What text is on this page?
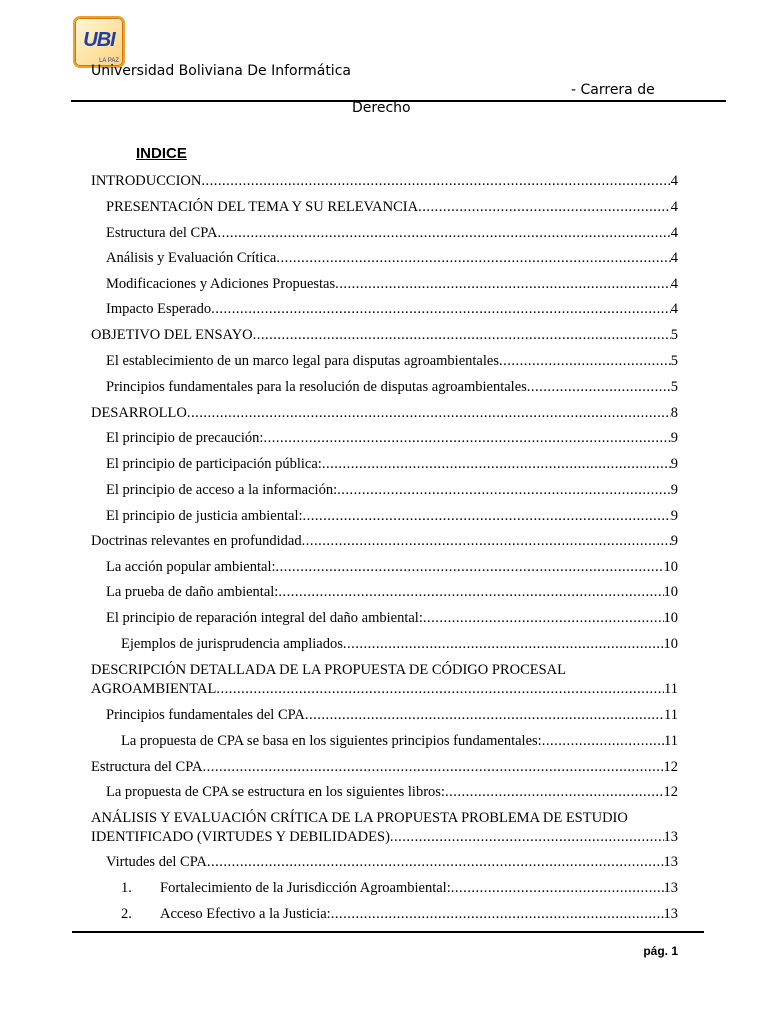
UBI
LA PAZ
Universidad Boliviana De Informática
- Carrera de
Derecho
INDICE
INTRODUCCION .....	4
PRESENTACIÓN DEL TEMA Y SU RELEVANCIA .....	4
Estructura del CPA .....	4
Análisis y Evaluación Crítica .....	4
Modificaciones y Adiciones Propuestas .....	4
Impacto Esperado .....	4
OBJETIVO DEL ENSAYO .....	5
El establecimiento de un marco legal para disputas agroambientales .....	5
Principios fundamentales para la resolución de disputas agroambientales .....	5
DESARROLLO .....	8
El principio de precaución: .....	9
El principio de participación pública: .....	9
El principio de acceso a la información: .....	9
El principio de justicia ambiental: .....	9
Doctrinas relevantes en profundidad .....	9
La acción popular ambiental: .....	10
La prueba de daño ambiental: .....	10
El principio de reparación integral del daño ambiental: .....	10
Ejemplos de jurisprudencia ampliados .....	10
DESCRIPCIÓN DETALLADA DE LA PROPUESTA DE CÓDIGO PROCESAL
AGROAMBIENTAL .....	11
Principios fundamentales del CPA .....	11
La propuesta de CPA se basa en los siguientes principios fundamentales: .....	11
Estructura del CPA .....	12
La propuesta de CPA se estructura en los siguientes libros: .....	12
ANÁLISIS Y EVALUACIÓN CRÍTICA DE LA PROPUESTA PROBLEMA DE ESTUDIO
IDENTIFICADO (VIRTUDES Y DEBILIDADES) .....	13
Virtudes del CPA .....	13
1. Fortalecimiento de la Jurisdicción Agroambiental: .....	13
2. Acceso Efectivo a la Justicia: .....	13
pág. 1
